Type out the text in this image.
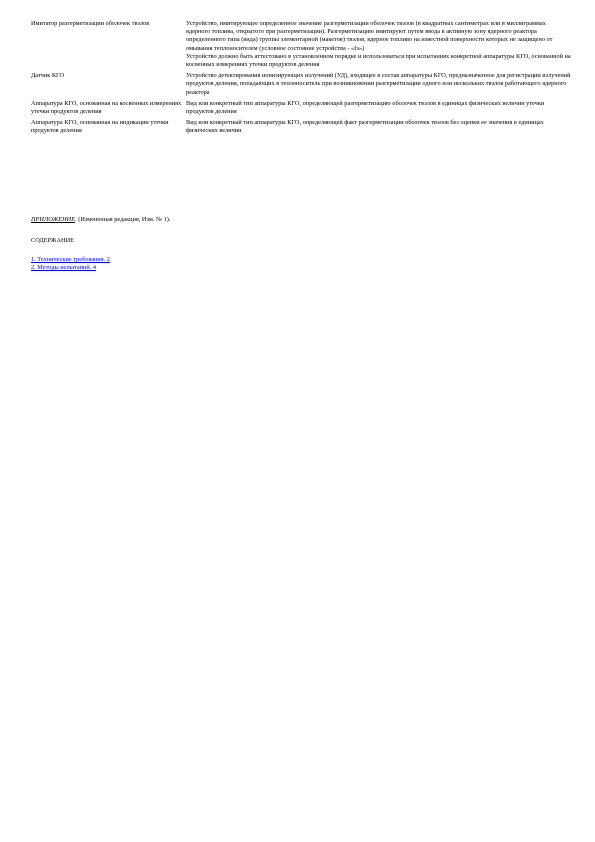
Имитатор разгерметизации оболочек твэлов	Устройство, имитирующее определенное значение разгерметизации оболочек твэлов (в квадратных сантиметрах или в миллиграммах ядерного топлива, открытого при разгерметизации). Разгерметизацию имитируют путем ввода в активную зону ядерного реактора определенного типа (вида) группы элементарной (макетов) твэлов, ядерное топливо на известной поверхности которых не защищено от омывания теплоносителем (условное состояние устройства - «Iэ»)

Устройство должно быть аттестовано в установленном порядке и использоваться при испытаниях конкретной аппаратуры КГО, основанной на косвенных измерениях утечки продуктов деления

Датчик КГО	Устройство детектирования ионизирующих излучений (УД), входящее в состав аппаратуры КГО, предназначенное для регистрации излучений продуктов деления, попадающих в теплоноситель при возникновении разгерметизации одного или нескольких твэлов работающего ядерного реактора

Аппаратура КГО, основанная на косвенных измерениях утечки продуктов деления	Вид или конкретный тип аппаратуры КГО, определяющей разгерметизацию оболочек твэлов в единицах физических величин утечки продуктов деления

Аппаратура КГО, основанная на индикации утечки продуктов деления	Вид или конкретный тип аппаратуры КГО, определяющей факт разгерметизации оболочек твэлов без оценки ее значения в единицах физических величин

ПРИЛОЖЕНИЕ. (Измененная редакция, Изм. № 1).
СОДЕРЖАНИЕ
1. Технические требования. 2
2. Методы испытаний. 4
